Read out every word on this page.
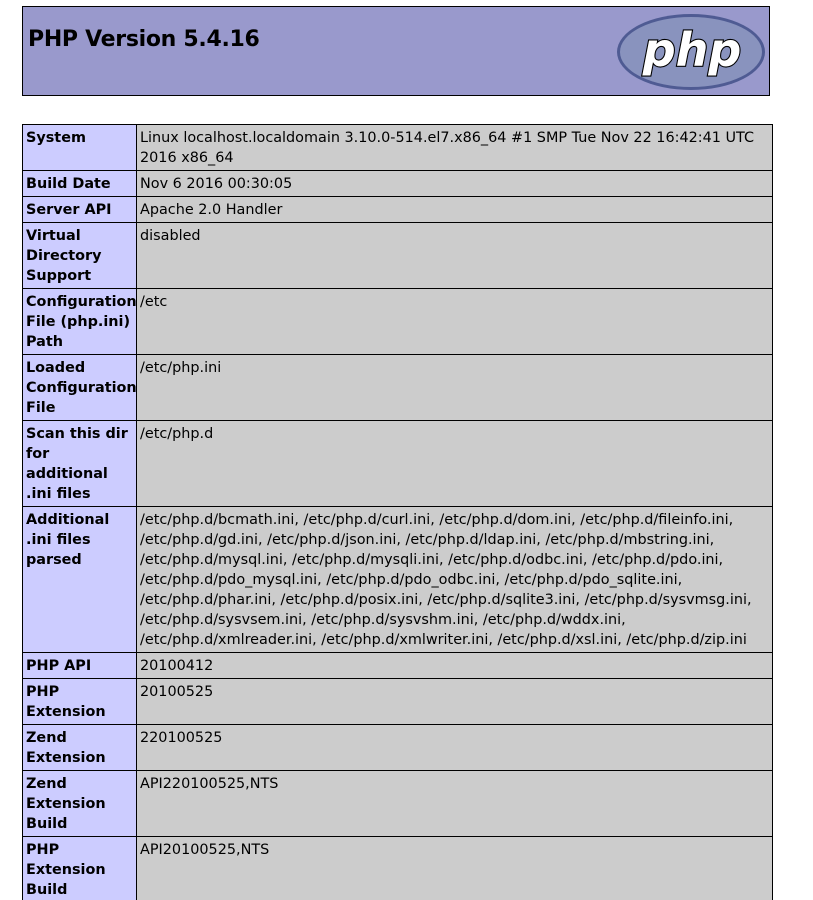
PHP Version 5.4.16	php
System	Linux localhost.localdomain 3.10.0-514.el7.x86_64 #1 SMP Tue Nov 22 16:42:41 UTC 2016 x86_64
Build Date	Nov 6 2016 00:30:05
Server API	Apache 2.0 Handler
Virtual Directory Support	disabled
Configuration File (php.ini) Path	/etc
Loaded Configuration File	/etc/php.ini
Scan this dir for additional .ini files	/etc/php.d
Additional .ini files parsed	/etc/php.d/bcmath.ini, /etc/php.d/curl.ini, /etc/php.d/dom.ini, /etc/php.d/fileinfo.ini, /etc/php.d/gd.ini, /etc/php.d/json.ini, /etc/php.d/ldap.ini, /etc/php.d/mbstring.ini, /etc/php.d/mysql.ini, /etc/php.d/mysqli.ini, /etc/php.d/odbc.ini, /etc/php.d/pdo.ini, /etc/php.d/pdo_mysql.ini, /etc/php.d/pdo_odbc.ini, /etc/php.d/pdo_sqlite.ini, /etc/php.d/phar.ini, /etc/php.d/posix.ini, /etc/php.d/sqlite3.ini, /etc/php.d/sysvmsg.ini, /etc/php.d/sysvsem.ini, /etc/php.d/sysvshm.ini, /etc/php.d/wddx.ini, /etc/php.d/xmlreader.ini, /etc/php.d/xmlwriter.ini, /etc/php.d/xsl.ini, /etc/php.d/zip.ini
PHP API	20100412
PHP Extension	20100525
Zend Extension	220100525
Zend Extension Build	API220100525,NTS
PHP Extension Build	API20100525,NTS
